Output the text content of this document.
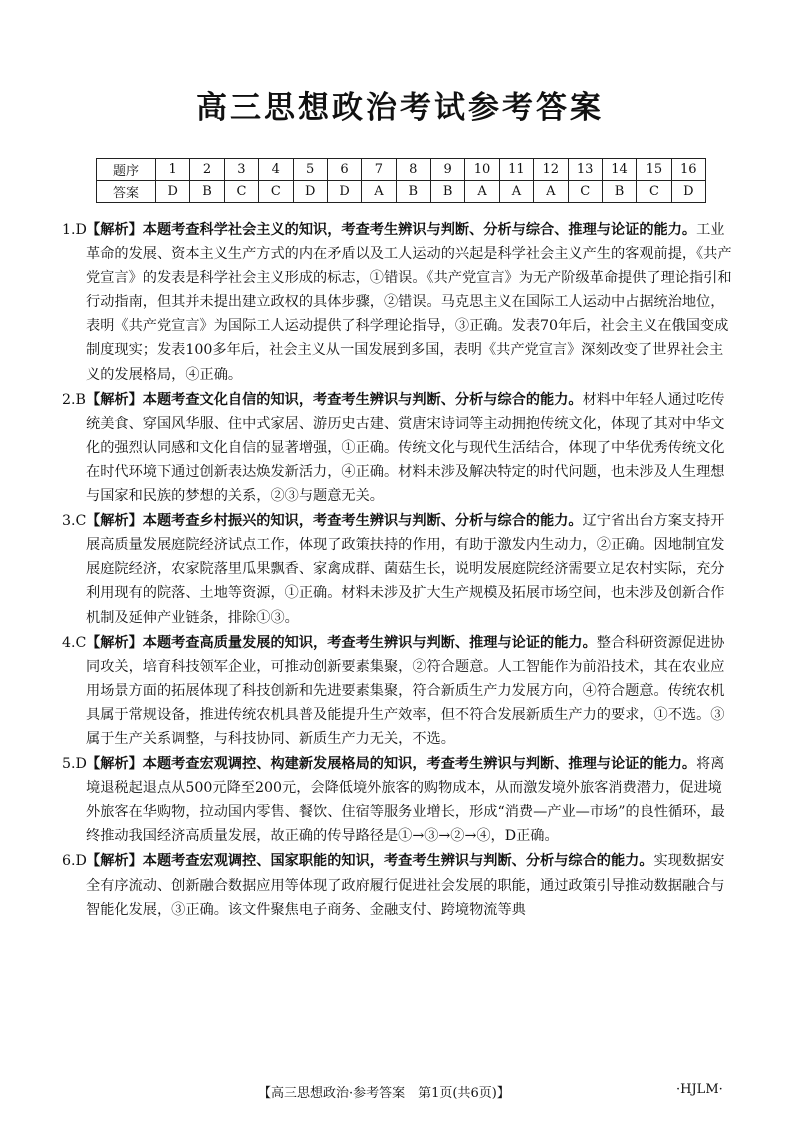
高三思想政治考试参考答案
题序	1	2	3	4	5	6	7	8	9	10	11	12	13	14	15	16
答案	D	B	C	C	D	D	A	B	B	A	A	A	C	B	C	D
1.D【解析】本题考查科学社会主义的知识，考查考生辨识与判断、分析与综合、推理与论证的能力。工业革命的发展、资本主义生产方式的内在矛盾以及工人运动的兴起是科学社会主义产生的客观前提，《共产党宣言》的发表是科学社会主义形成的标志，①错误。《共产党宣言》为无产阶级革命提供了理论指引和行动指南，但其并未提出建立政权的具体步骤，②错误。马克思主义在国际工人运动中占据统治地位，表明《共产党宣言》为国际工人运动提供了科学理论指导，③正确。发表70年后，社会主义在俄国变成制度现实；发表100多年后，社会主义从一国发展到多国，表明《共产党宣言》深刻改变了世界社会主义的发展格局，④正确。
2.B【解析】本题考查文化自信的知识，考查考生辨识与判断、分析与综合的能力。材料中年轻人通过吃传统美食、穿国风华服、住中式家居、游历史古建、赏唐宋诗词等主动拥抱传统文化，体现了其对中华文化的强烈认同感和文化自信的显著增强，①正确。传统文化与现代生活结合，体现了中华优秀传统文化在时代环境下通过创新表达焕发新活力，④正确。材料未涉及解决特定的时代问题，也未涉及人生理想与国家和民族的梦想的关系，②③与题意无关。
3.C【解析】本题考查乡村振兴的知识，考查考生辨识与判断、分析与综合的能力。辽宁省出台方案支持开展高质量发展庭院经济试点工作，体现了政策扶持的作用，有助于激发内生动力，②正确。因地制宜发展庭院经济，农家院落里瓜果飘香、家禽成群、菌菇生长，说明发展庭院经济需要立足农村实际，充分利用现有的院落、土地等资源，①正确。材料未涉及扩大生产规模及拓展市场空间，也未涉及创新合作机制及延伸产业链条，排除①③。
4.C【解析】本题考查高质量发展的知识，考查考生辨识与判断、推理与论证的能力。整合科研资源促进协同攻关，培育科技领军企业，可推动创新要素集聚，②符合题意。人工智能作为前沿技术，其在农业应用场景方面的拓展体现了科技创新和先进要素集聚，符合新质生产力发展方向，④符合题意。传统农机具属于常规设备，推进传统农机具普及能提升生产效率，但不符合发展新质生产力的要求，①不选。③属于生产关系调整，与科技协同、新质生产力无关，不选。
5.D【解析】本题考查宏观调控、构建新发展格局的知识，考查考生辨识与判断、推理与论证的能力。将离境退税起退点从500元降至200元，会降低境外旅客的购物成本，从而激发境外旅客消费潜力，促进境外旅客在华购物，拉动国内零售、餐饮、住宿等服务业增长，形成“消费—产业—市场”的良性循环，最终推动我国经济高质量发展，故正确的传导路径是①→③→②→④，D正确。
6.D【解析】本题考查宏观调控、国家职能的知识，考查考生辨识与判断、分析与综合的能力。实现数据安全有序流动、创新融合数据应用等体现了政府履行促进社会发展的职能，通过政策引导推动数据融合与智能化发展，③正确。该文件聚焦电子商务、金融支付、跨境物流等典
【高三思想政治·参考答案　第1页(共6页)】	·HJLM·
